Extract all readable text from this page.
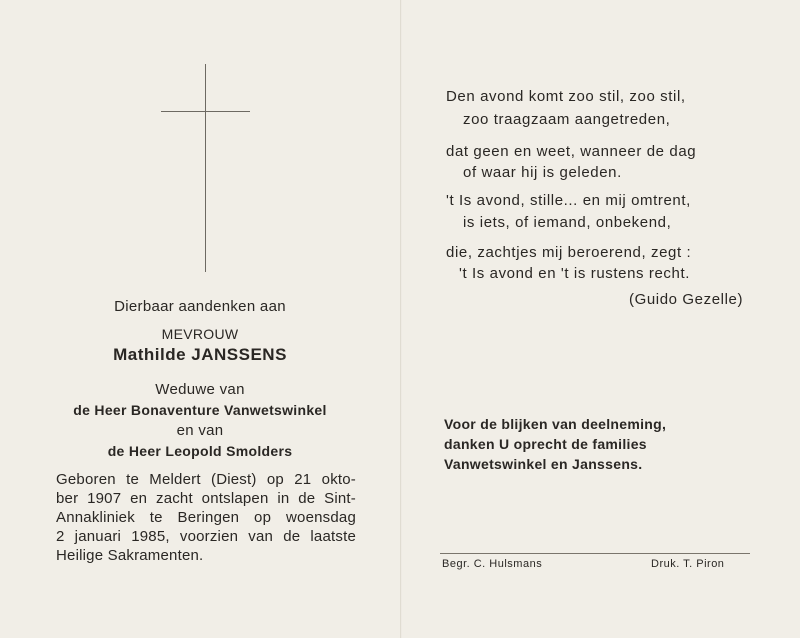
Dierbaar aandenken aan
MEVROUW
Mathilde JANSSENS
Weduwe van
de Heer Bonaventure Vanwetswinkel
en van
de Heer Leopold Smolders
Geboren te Meldert (Diest) op 21 okto-
ber 1907 en zacht ontslapen in de Sint-
Annakliniek te Beringen op woensdag
2 januari 1985, voorzien van de laatste
Heilige Sakramenten.
Den avond komt zoo stil, zoo stil,
zoo traagzaam aangetreden,
dat geen en weet, wanneer de dag
of waar hij is geleden.
't Is avond, stille... en mij omtrent,
is iets, of iemand, onbekend,
die, zachtjes mij beroerend, zegt :
't Is avond en 't is rustens recht.
(Guido Gezelle)
Voor de blijken van deelneming,
danken U oprecht de families
Vanwetswinkel en Janssens.
Begr. C. Hulsmans	Druk. T. Piron
